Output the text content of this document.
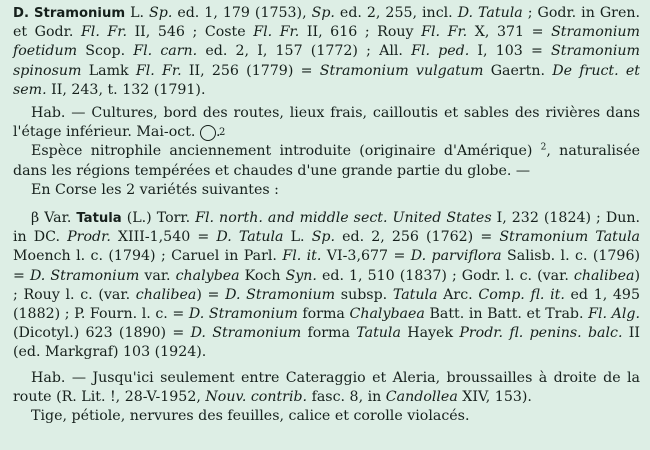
D. Stramonium L. Sp. ed. 1, 179 (1753), Sp. ed. 2, 255, incl. D. Tatula ; Godr. in Gren. et Godr. Fl. Fr. II, 546 ; Coste Fl. Fr. II, 616 ; Rouy Fl. Fr. X, 371 = Stramonium foetidum Scop. Fl. carn. ed. 2, I, 157 (1772) ; All. Fl. ped. I, 103 = Stramonium spinosum Lamk Fl. Fr. II, 256 (1779) = Stramonium vulgatum Gaertn. De fruct. et sem. II, 243, t. 132 (1791).

Hab. — Cultures, bord des routes, lieux frais, cailloutis et sables des rivières dans l'étage inférieur. Mai-oct. 2.

Espèce nitrophile anciennement introduite (originaire d'Amérique) $^2$, naturalisée dans les régions tempérées et chaudes d'une grande partie du globe. —

En Corse les 2 variétés suivantes :

β Var. Tatula (L.) Torr. Fl. north. and middle sect. United States I, 232 (1824) ; Dun. in DC. Prodr. XIII-1,540 = D. Tatula L. Sp. ed. 2, 256 (1762) = Stramonium Tatula Moench l. c. (1794) ; Caruel in Parl. Fl. it. VI-3,677 = D. parviflora Salisb. l. c. (1796) = D. Stramonium var. chalybea Koch Syn. ed. 1, 510 (1837) ; Godr. l. c. (var. chalibea) ; Rouy l. c. (var. chalibea) = D. Stramonium subsp. Tatula Arc. Comp. fl. it. ed 1, 495 (1882) ; P. Fourn. l. c. = D. Stramonium forma Chalybaea Batt. in Batt. et Trab. Fl. Alg. (Dicotyl.) 623 (1890) = D. Stramonium forma Tatula Hayek Prodr. fl. penins. balc. II (ed. Markgraf) 103 (1924).

Hab. — Jusqu'ici seulement entre Cateraggio et Aleria, broussailles à droite de la route (R. Lit. !, 28-V-1952, Nouv. contrib. fasc. 8, in Candollea XIV, 153).

Tige, pétiole, nervures des feuilles, calice et corolle violacés.
